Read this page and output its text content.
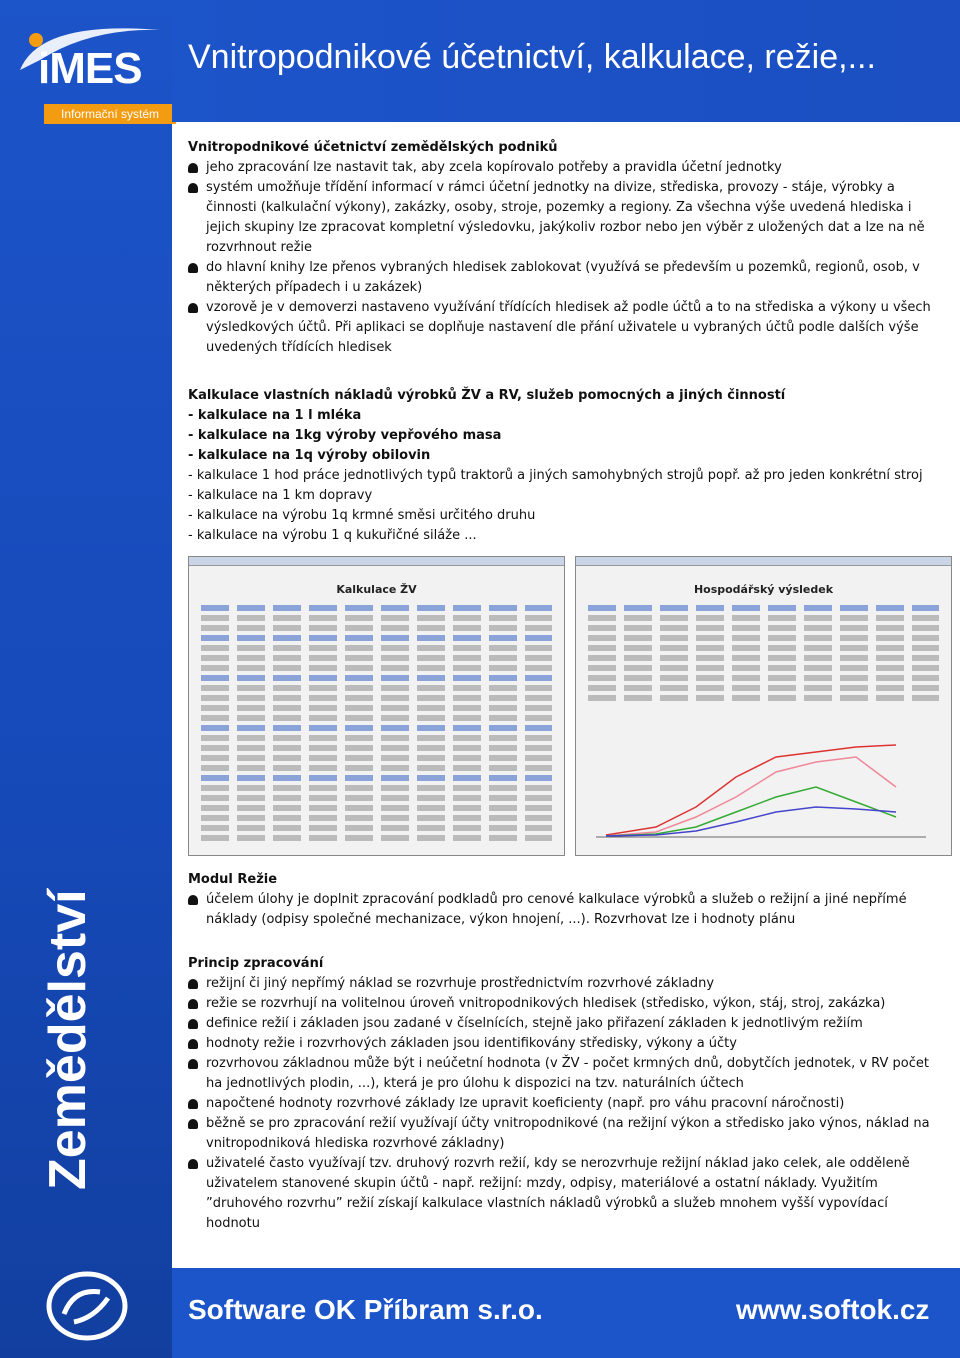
iMES
Informační systém
Zemědělství
Vnitropodnikové účetnictví, kalkulace, režie,...

Vnitropodnikové účetnictví zemědělských podniků

jeho zpracování lze nastavit tak, aby zcela kopírovalo potřeby a pravidla účetní jednotky
systém umožňuje třídění informací v rámci účetní jednotky na divize, střediska, provozy - stáje, výrobky a činnosti (kalkulační výkony), zakázky, osoby, stroje, pozemky a regiony. Za všechna výše uvedená hlediska i jejich skupiny lze zpracovat kompletní výsledovku, jakýkoliv rozbor nebo jen výběr z uložených dat a lze na ně rozvrhnout režie
do hlavní knihy lze přenos vybraných hledisek zablokovat (využívá se především u pozemků, regionů, osob, v některých případech i u zakázek)
vzorově je v demoverzi nastaveno využívání třídících hledisek až podle účtů a to na střediska a výkony u všech výsledkových účtů. Při aplikaci se doplňuje nastavení dle přání uživatele u vybraných účtů podle dalších výše uvedených třídících hledisek

Kalkulace vlastních nákladů výrobků ŽV a RV, služeb pomocných a jiných činností

- kalkulace na 1 l mléka

- kalkulace na 1kg výroby vepřového masa

- kalkulace na 1q výroby obilovin

- kalkulace 1 hod práce jednotlivých typů traktorů a jiných samohybných strojů popř. až pro jeden konkrétní stroj

- kalkulace na 1 km dopravy

- kalkulace na výrobu 1q krmné směsi určitého druhu

- kalkulace na výrobu 1 q kukuřičné siláže ...

Kalkulace ŽV	Hospodářský výsledek

Modul Režie

účelem úlohy je doplnit zpracování podkladů pro cenové kalkulace výrobků a služeb o režijní a jiné nepřímé náklady (odpisy společné mechanizace, výkon hnojení, ...). Rozvrhovat lze i hodnoty plánu

Princip zpracování

režijní či jiný nepřímý náklad se rozvrhuje prostřednictvím rozvrhové základny
režie se rozvrhují na volitelnou úroveň vnitropodnikových hledisek (středisko, výkon, stáj, stroj, zakázka)
definice režií i základen jsou zadané v číselnících, stejně jako přiřazení základen k jednotlivým režiím
hodnoty režie i rozvrhových základen jsou identifikovány středisky, výkony a účty
rozvrhovou základnou může být i neúčetní hodnota (v ŽV - počet krmných dnů, dobytčích jednotek, v RV počet ha jednotlivých plodin, ...), která je pro úlohu k dispozici na tzv. naturálních účtech
napočtené hodnoty rozvrhové základy lze upravit koeficienty (např. pro váhu pracovní náročnosti)
běžně se pro zpracování režií využívají účty vnitropodnikové (na režijní výkon a středisko jako výnos, náklad na vnitropodniková hlediska rozvrhové základny)
uživatelé často využívají tzv. druhový rozvrh režií, kdy se nerozvrhuje režijní náklad jako celek, ale odděleně uživatelem stanovené skupin účtů - např. režijní: mzdy, odpisy, materiálové a ostatní náklady. Využitím ”druhového rozvrhu” režií získají kalkulace vlastních nákladů výrobků a služeb mnohem vyšší vypovídací hodnotu
Software OK Příbram s.r.o.	www.softok.cz
